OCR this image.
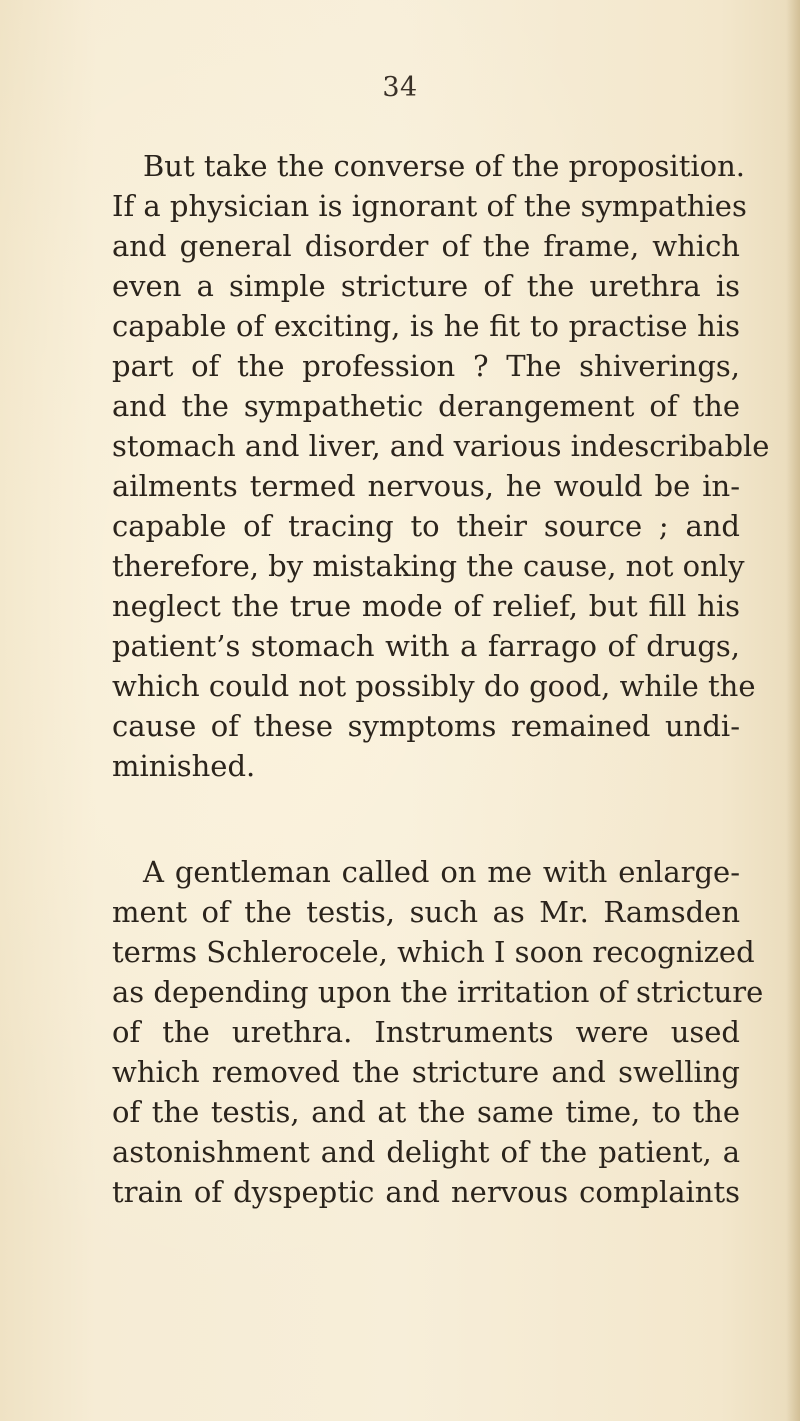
34
But take the converse of the proposition.
If a physician is ignorant of the sympathies
and general disorder of the frame, which
even a simple stricture of the urethra is
capable of exciting, is he fit to practise his
part of the profession ? The shiverings,
and the sympathetic derangement of the
stomach and liver, and various indescribable
ailments termed nervous, he would be in-
capable of tracing to their source ; and
therefore, by mistaking the cause, not only
neglect the true mode of relief, but fill his
patient’s stomach with a farrago of drugs,
which could not possibly do good, while the
cause of these symptoms remained undi-
minished.
A gentleman called on me with enlarge-
ment of the testis, such as Mr. Ramsden
terms Schlerocele, which I soon recognized
as depending upon the irritation of stricture
of the urethra. Instruments were used
which removed the stricture and swelling
of the testis, and at the same time, to the
astonishment and delight of the patient, a
train of dyspeptic and nervous complaints
